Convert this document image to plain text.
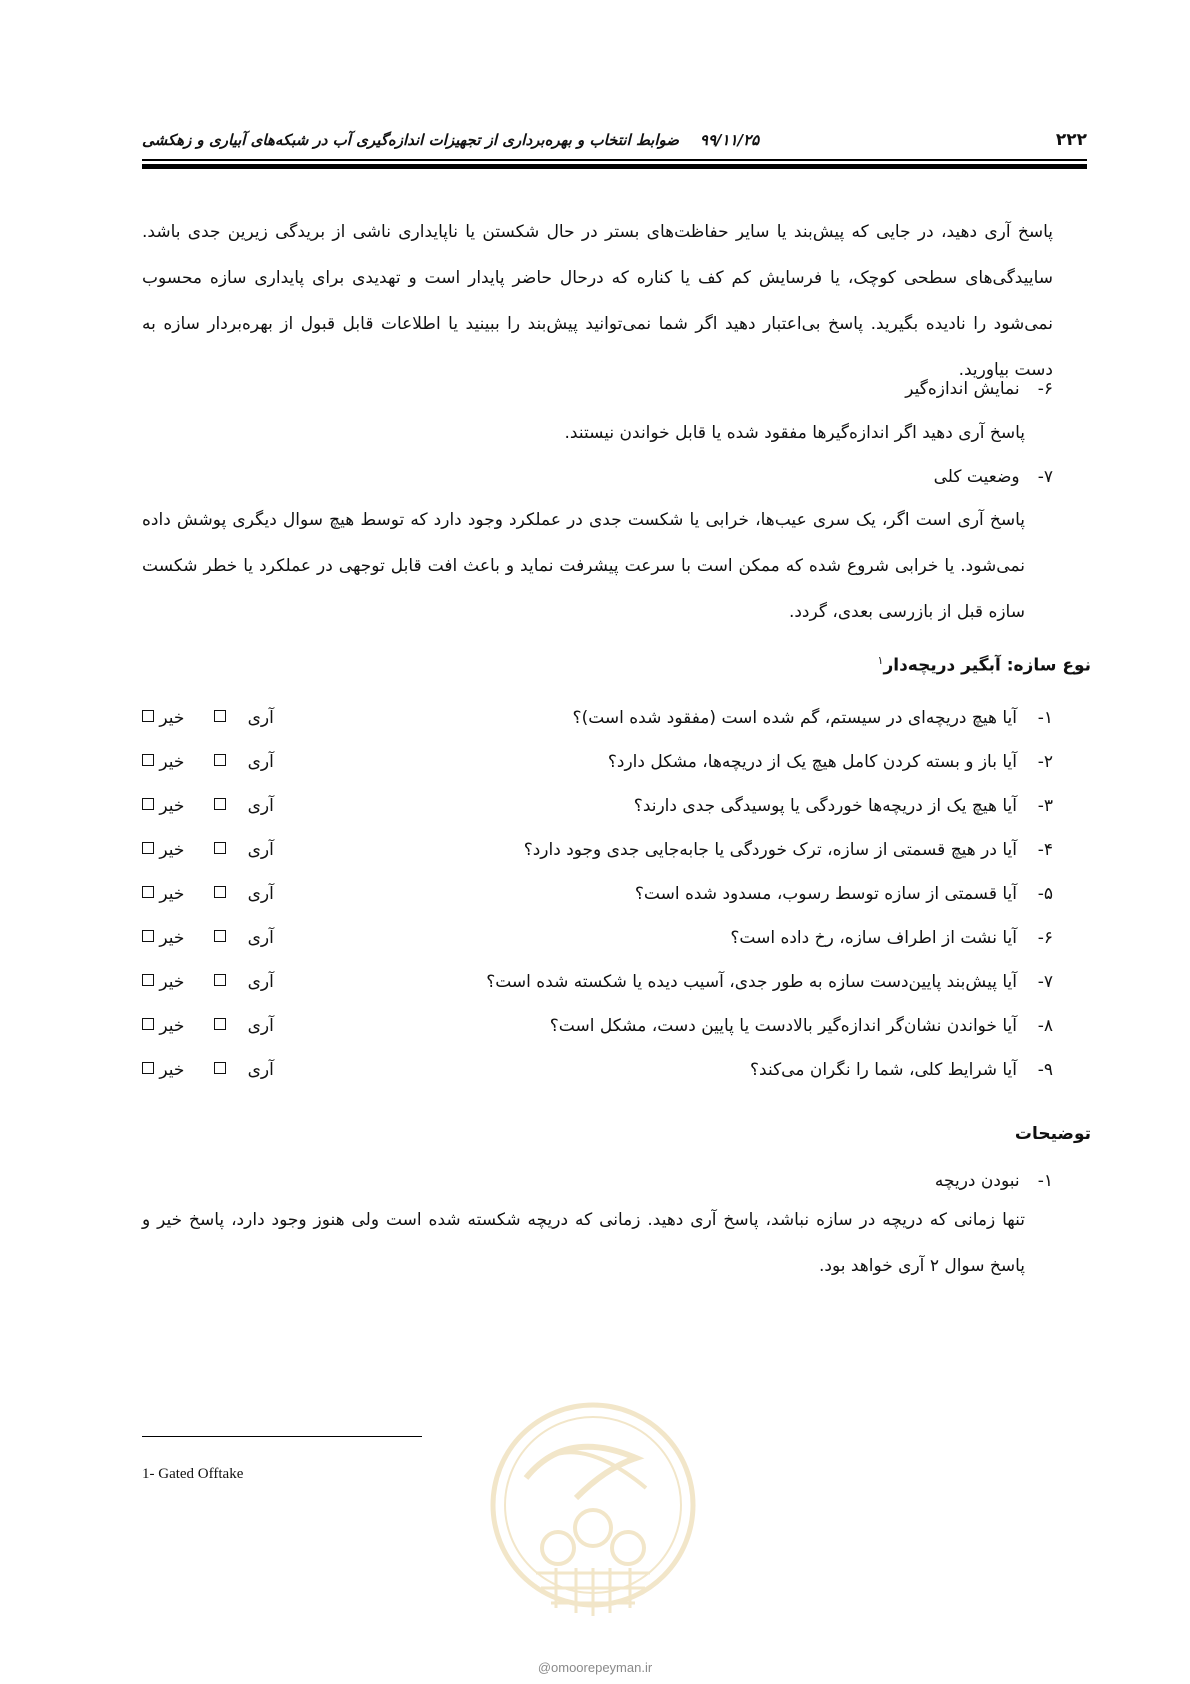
۲۲۲
۹۹/۱۱/۲۵    ضوابط انتخاب و بهره‌برداری از تجهیزات اندازه‌گیری آب در شبکه‌های آبیاری و زهکشی

پاسخ آری دهید، در جایی که پیش‌بند یا سایر حفاظت‌های بستر در حال شکستن یا ناپایداری ناشی از بریدگی زیرین جدی باشد. ساییدگی‌های سطحی کوچک، یا فرسایش کم کف یا کناره که درحال حاضر پایدار است و تهدیدی برای پایداری سازه محسوب نمی‌شود را نادیده بگیرید. پاسخ بی‌اعتبار دهید اگر شما نمی‌توانید پیش‌بند را ببینید یا اطلاعات قابل قبول از بهره‌بردار سازه به دست بیاورید.

۶- نمایش اندازه‌گیر
پاسخ آری دهید اگر اندازه‌گیرها مفقود شده یا قابل خواندن نیستند.
۷- وضعیت کلی

پاسخ آری است اگر، یک سری عیب‌ها، خرابی یا شکست جدی در عملکرد وجود دارد که توسط هیچ سوال دیگری پوشش داده نمی‌شود. یا خرابی شروع شده که ممکن است با سرعت پیشرفت نماید و باعث افت قابل توجهی در عملکرد یا خطر شکست سازه قبل از بازرسی بعدی، گردد.

نوع سازه: آبگیر دریچه‌دار$^۱$
۱-آیا هیچ دریچه‌ای در سیستم، گم شده است (مفقود شده است)؟
خیر	آری
۲-آیا باز و بسته کردن کامل هیچ یک از دریچه‌ها، مشکل دارد؟
خیر	آری
۳-آیا هیچ یک از دریچه‌ها خوردگی یا پوسیدگی جدی دارند؟
خیر	آری
۴-آیا در هیچ قسمتی از سازه، ترک خوردگی یا جابه‌جایی جدی وجود دارد؟
خیر	آری
۵-آیا قسمتی از سازه توسط رسوب، مسدود شده است؟
خیر	آری
۶-آیا نشت از اطراف سازه، رخ داده است؟
خیر	آری
۷-آیا پیش‌بند پایین‌دست سازه به طور جدی، آسیب دیده یا شکسته شده است؟
خیر	آری
۸-آیا خواندن نشان‌گر اندازه‌گیر بالادست یا پایین دست، مشکل است؟
خیر	آری
۹-آیا شرایط کلی، شما را نگران می‌کند؟
خیر	آری
توضیحات
۱- نبودن دریچه

تنها زمانی که دریچه در سازه نباشد، پاسخ آری دهید. زمانی که دریچه شکسته شده است ولی هنوز وجود دارد، پاسخ خیر و پاسخ سوال ۲ آری خواهد بود.

1- Gated Offtake
@omoorepeyman.ir
